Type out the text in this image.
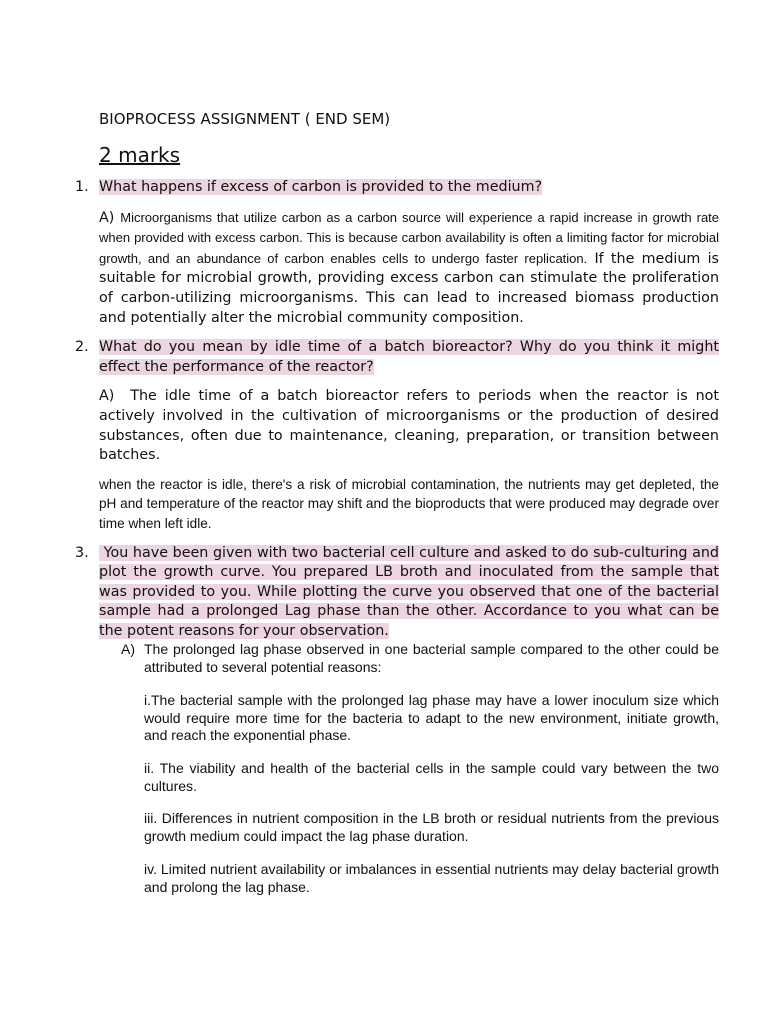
BIOPROCESS ASSIGNMENT ( END SEM)
2 marks

1. What happens if excess of carbon is provided to the medium?

A) Microorganisms that utilize carbon as a carbon source will experience a rapid increase in growth rate when provided with excess carbon. This is because carbon availability is often a limiting factor for microbial growth, and an abundance of carbon enables cells to undergo faster replication. If the medium is suitable for microbial growth, providing excess carbon can stimulate the proliferation of carbon-utilizing microorganisms. This can lead to increased biomass production and potentially alter the microbial community composition.

2. What do you mean by idle time of a batch bioreactor? Why do you think it might effect the performance of the reactor?

A) The idle time of a batch bioreactor refers to periods when the reactor is not actively involved in the cultivation of microorganisms or the production of desired substances, often due to maintenance, cleaning, preparation, or transition between batches.

when the reactor is idle, there's a risk of microbial contamination, the nutrients may get depleted, the pH and temperature of the reactor may shift and the bioproducts that were produced may degrade over time when left idle.

3. You have been given with two bacterial cell culture and asked to do sub-culturing and plot the growth curve. You prepared LB broth and inoculated from the sample that was provided to you. While plotting the curve you observed that one of the bacterial sample had a prolonged Lag phase than the other. Accordance to you what can be the potent reasons for your observation.

A) The prolonged lag phase observed in one bacterial sample compared to the other could be attributed to several potential reasons:

i.The bacterial sample with the prolonged lag phase may have a lower inoculum size which would require more time for the bacteria to adapt to the new environment, initiate growth, and reach the exponential phase.

ii. The viability and health of the bacterial cells in the sample could vary between the two cultures.

iii. Differences in nutrient composition in the LB broth or residual nutrients from the previous growth medium could impact the lag phase duration.

iv. Limited nutrient availability or imbalances in essential nutrients may delay bacterial growth and prolong the lag phase.
